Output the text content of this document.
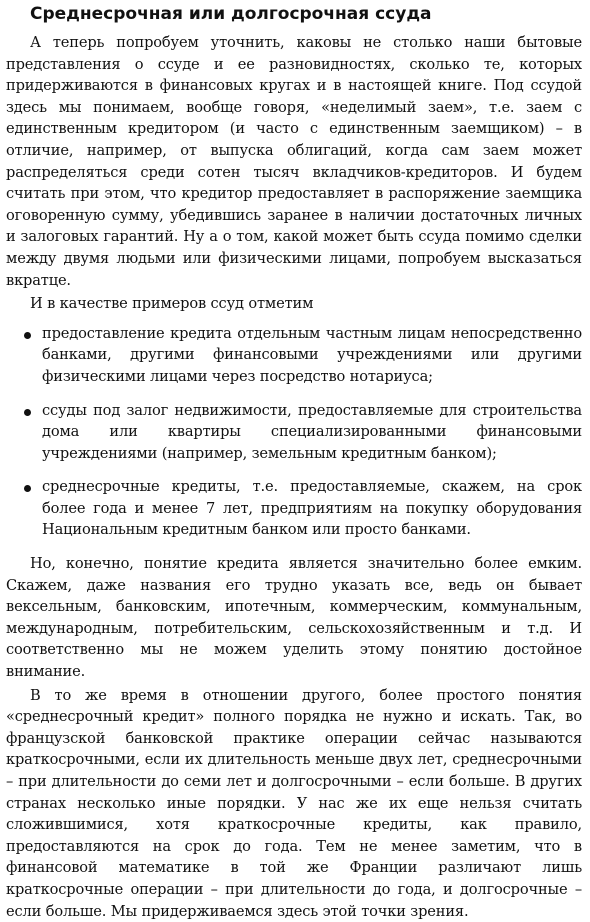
Среднесрочная или долгосрочная ссуда

А теперь попробуем уточнить, каковы не столько наши бытовые представления о ссуде и ее разновидностях, сколько те, которых придерживаются в финансовых кругах и в настоящей книге. Под ссудой здесь мы понимаем, вообще говоря, «неделимый заем», т.е. заем с единственным кредитором (и часто с единственным заемщиком) – в отличие, например, от выпуска облигаций, когда сам заем может распределяться среди сотен тысяч вкладчиков-кредиторов. И будем считать при этом, что кредитор предоставляет в распоряжение заемщика оговоренную сумму, убедившись заранее в наличии достаточных личных и залоговых гарантий. Ну а о том, какой может быть ссуда помимо сделки между двумя людьми или физическими лицами, попробуем высказаться вкратце.

И в качестве примеров ссуд отметим

предоставление кредита отдельным частным лицам непосредственно банками, другими финансовыми учреждениями или другими физическими лицами через посредство нотариуса;
ссуды под залог недвижимости, предоставляемые для строительства дома или квартиры специализированными финансовыми учреждениями (например, земельным кредитным банком);
среднесрочные кредиты, т.е. предоставляемые, скажем, на срок более года и менее 7 лет, предприятиям на покупку оборудования Национальным кредитным банком или просто банками.

Но, конечно, понятие кредита является значительно более емким. Скажем, даже названия его трудно указать все, ведь он бывает вексельным, банковским, ипотечным, коммерческим, коммунальным, международным, потребительским, сельскохозяйственным и т.д. И соответственно мы не можем уделить этому понятию достойное внимание.

В то же время в отношении другого, более простого понятия «среднесрочный кредит» полного порядка не нужно и искать. Так, во французской банковской практике операции сейчас называются краткосрочными, если их длительность меньше двух лет, среднесрочными – при длительности до семи лет и долгосрочными – если больше. В других странах несколько иные порядки. У нас же их еще нельзя считать сложившимися, хотя краткосрочные кредиты, как правило, предоставляются на срок до года. Тем не менее заметим, что в финансовой математике в той же Франции различают лишь краткосрочные операции – при длительности до года, и долгосрочные – если больше. Мы придерживаемся здесь этой точки зрения.
